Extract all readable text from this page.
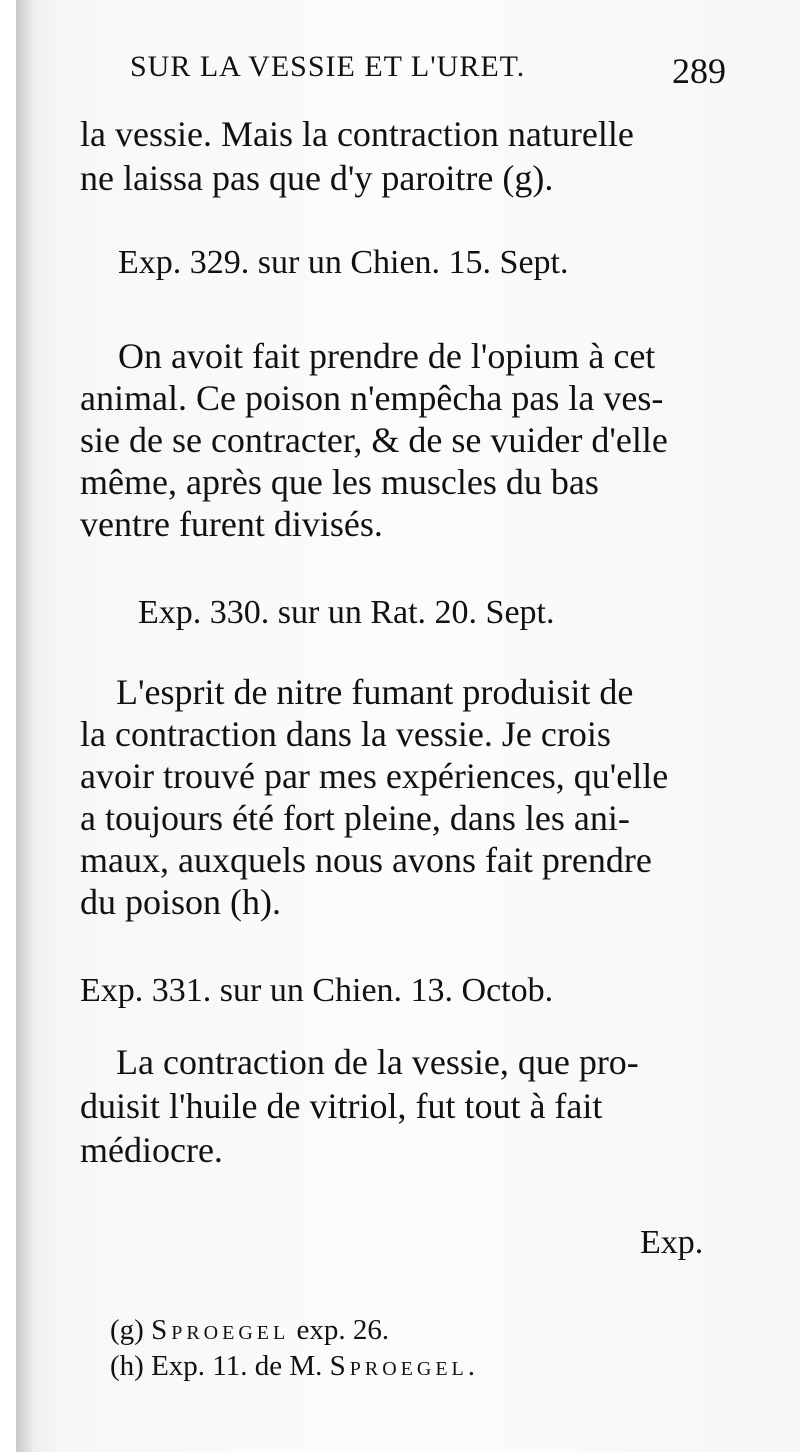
SUR LA VESSIE ET L'URET.	289
la vessie. Mais la contraction naturelle
ne laissa pas que d'y paroitre (g).
Exp. 329. sur un Chien. 15. Sept.
On avoit fait prendre de l'opium à cet
animal. Ce poison n'empêcha pas la ves-
sie de se contracter, & de se vuider d'elle
même, après que les muscles du bas
ventre furent divisés.
Exp. 330. sur un Rat. 20. Sept.
L'esprit de nitre fumant produisit de
la contraction dans la vessie. Je crois
avoir trouvé par mes expériences, qu'elle
a toujours été fort pleine, dans les ani-
maux, auxquels nous avons fait prendre
du poison (h).
Exp. 331. sur un Chien. 13. Octob.
La contraction de la vessie, que pro-
duisit l'huile de vitriol, fut tout à fait
médiocre.
Exp.
(g) Sproegel exp. 26.
(h) Exp. 11. de M. Sproegel.
